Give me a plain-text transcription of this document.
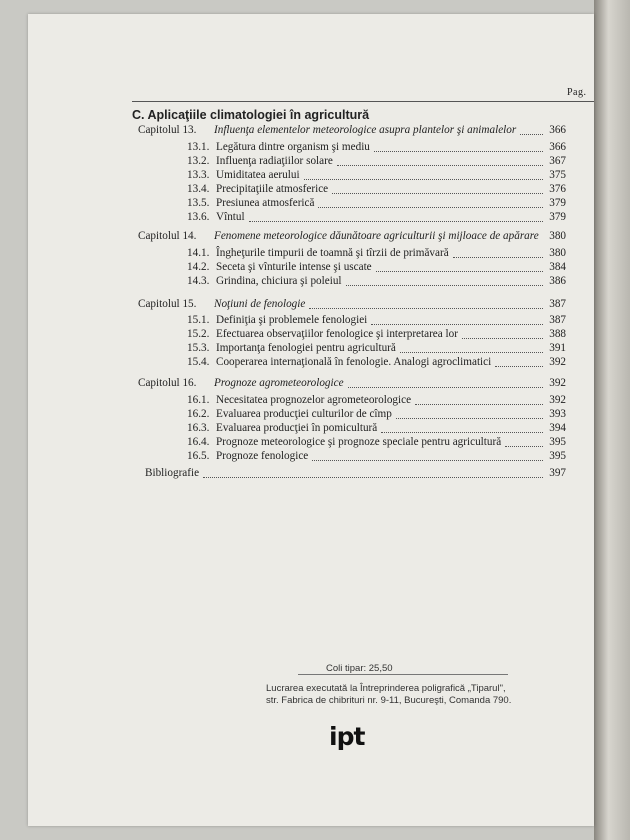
Pag.
C. Aplicaţiile climatologiei în agricultură
Capitolul 13. Influenţa elementelor meteorologice asupra plantelor şi animalelor	366
13.1. Legătura dintre organism şi mediu	366
13.2. Influenţa radiaţiilor solare	367
13.3. Umiditatea aerului	375
13.4. Precipitaţiile atmosferice	376
13.5. Presiunea atmosferică	379
13.6. Vîntul	379
Capitolul 14. Fenomene meteorologice dăunătoare agriculturii şi mijloace de apărare 380
14.1. Îngheţurile timpurii de toamnă şi tîrzii de primăvară	380
14.2. Seceta şi vînturile intense şi uscate	384
14.3. Grindina, chiciura şi poleiul	386
Capitolul 15. Noţiuni de fenologie	387
15.1. Definiţia şi problemele fenologiei	387
15.2. Efectuarea observaţiilor fenologice şi interpretarea lor	388
15.3. Importanţa fenologiei pentru agricultură	391
15.4. Cooperarea internaţională în fenologie. Analogi agroclimatici	392
Capitolul 16. Prognoze agrometeorologice	392
16.1. Necesitatea prognozelor agrometeorologice	392
16.2. Evaluarea producţiei culturilor de cîmp	393
16.3. Evaluarea producţiei în pomicultură	394
16.4. Prognoze meteorologice şi prognoze speciale pentru agricultură	395
16.5. Prognoze fenologice	395
Bibliografie	397
Coli tipar: 25,50
Lucrarea executată la Întreprinderea poligrafică „Tiparul",
str. Fabrica de chibrituri nr. 9-11, Bucureşti, Comanda 790.
ipt
